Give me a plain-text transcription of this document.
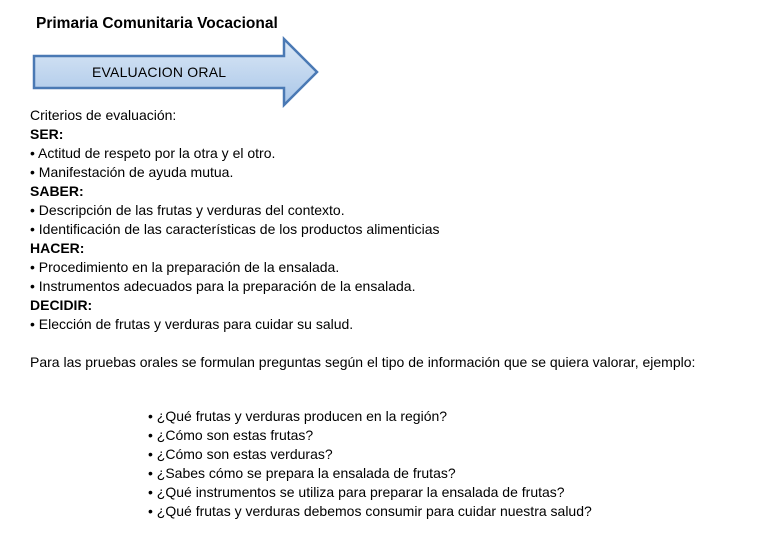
Primaria Comunitaria Vocacional
EVALUACION ORAL
Criterios de evaluación:
SER:
• Actitud de respeto por la otra y el otro.
• Manifestación de ayuda mutua.
SABER:
• Descripción de las frutas y verduras del contexto.
• Identificación de las características de los productos alimenticias
HACER:
• Procedimiento en la preparación de la ensalada.
• Instrumentos adecuados para la preparación de la ensalada.
DECIDIR:
• Elección de frutas y verduras para cuidar su salud.

Para las pruebas orales se formulan preguntas según el tipo de información que se quiera valorar, ejemplo:

• ¿Qué frutas y verduras producen en la región?
• ¿Cómo son estas frutas?
• ¿Cómo son estas verduras?
• ¿Sabes cómo se prepara la ensalada de frutas?
• ¿Qué instrumentos se utiliza para preparar la ensalada de frutas?
• ¿Qué frutas y verduras debemos consumir para cuidar nuestra salud?
